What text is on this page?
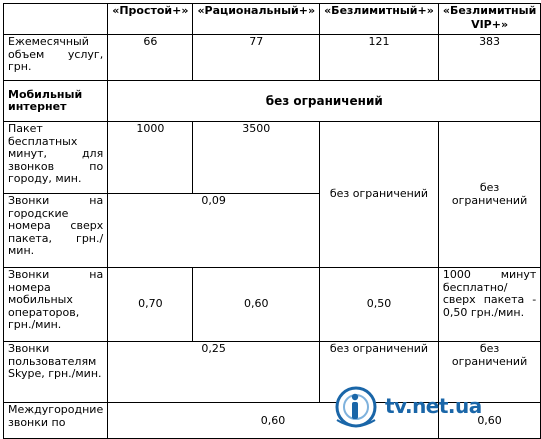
	«Простой+»	«Рациональный+»	«Безлимитный+»	«Безлимитный VIP+»
Ежемесячный объем услуг, грн.	66	77	121	383
Мобильный интернет	без ограничений			
Пакет бесплатных минут, для звонков по городу, мин.	1000	3500	без ограничений	без ограничений
Звонки на городские номера сверх пакета, грн./мин.	0,09			
Звонки на номера мобильных операторов, грн./мин.	0,70	0,60	0,50	1000 минут бесплатно/сверх пакета - 0,50 грн./мин.
Звонки пользователям Skype, грн./мин.	0,25		без ограничений	без ограничений
Междугородние звонки по	0,60			0,60
tv.net.ua
